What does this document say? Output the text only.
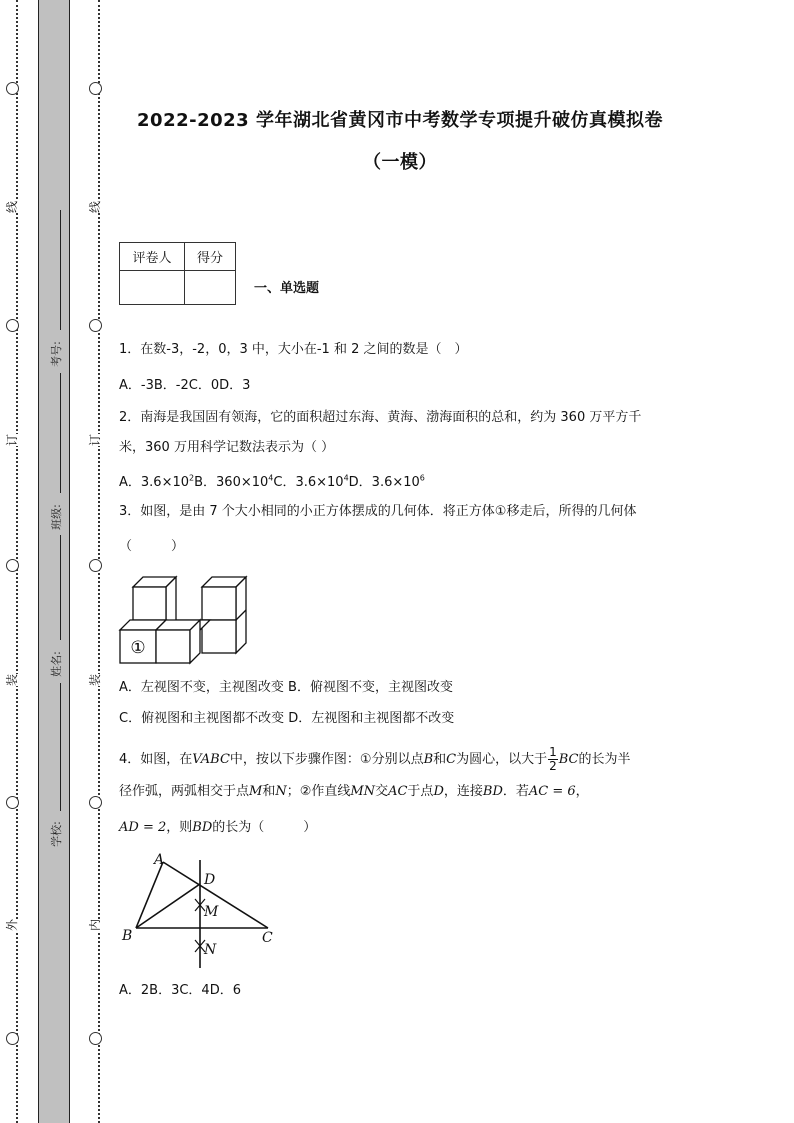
线
订
装
外
线
订
装
内
考号:
班级:
姓名:
学校:
2022-2023 学年湖北省黄冈市中考数学专项提升破仿真模拟卷
（一模）
评卷人	得分

一、单选题
1．在数-3，-2，0，3 中，大小在-1 和 2 之间的数是（　）
A．-3B．-2C．0D．3
2．南海是我国固有领海，它的面积超过东海、黄海、渤海面积的总和，约为 360 万平方千
米，360 万用科学记数法表示为（ ）
A．$3.6\times 10^2B$．$360\times 10^4C$．$3.6\times 10^4D$．$3.6\times 10^6$
3．如图，是由 7 个大小相同的小正方体摆成的几何体．将正方体①移走后，所得的几何体
（　　　）
①
A．左视图不变，主视图改变 B．俯视图不变，主视图改变
C．俯视图和主视图都不改变 D．左视图和主视图都不改变
4．如图，在VABC中，按以下步骤作图：①分别以点B和C为圆心，以大于 $\frac{1}{2}$ BC的长为半
径作弧，两弧相交于点M和N；②作直线MN交AC于点D，连接BD．若AC = 6，
AD = 2，则BD的长为（　　　）
A
B	C
D
M
N
A．2B．3C．4D．6
